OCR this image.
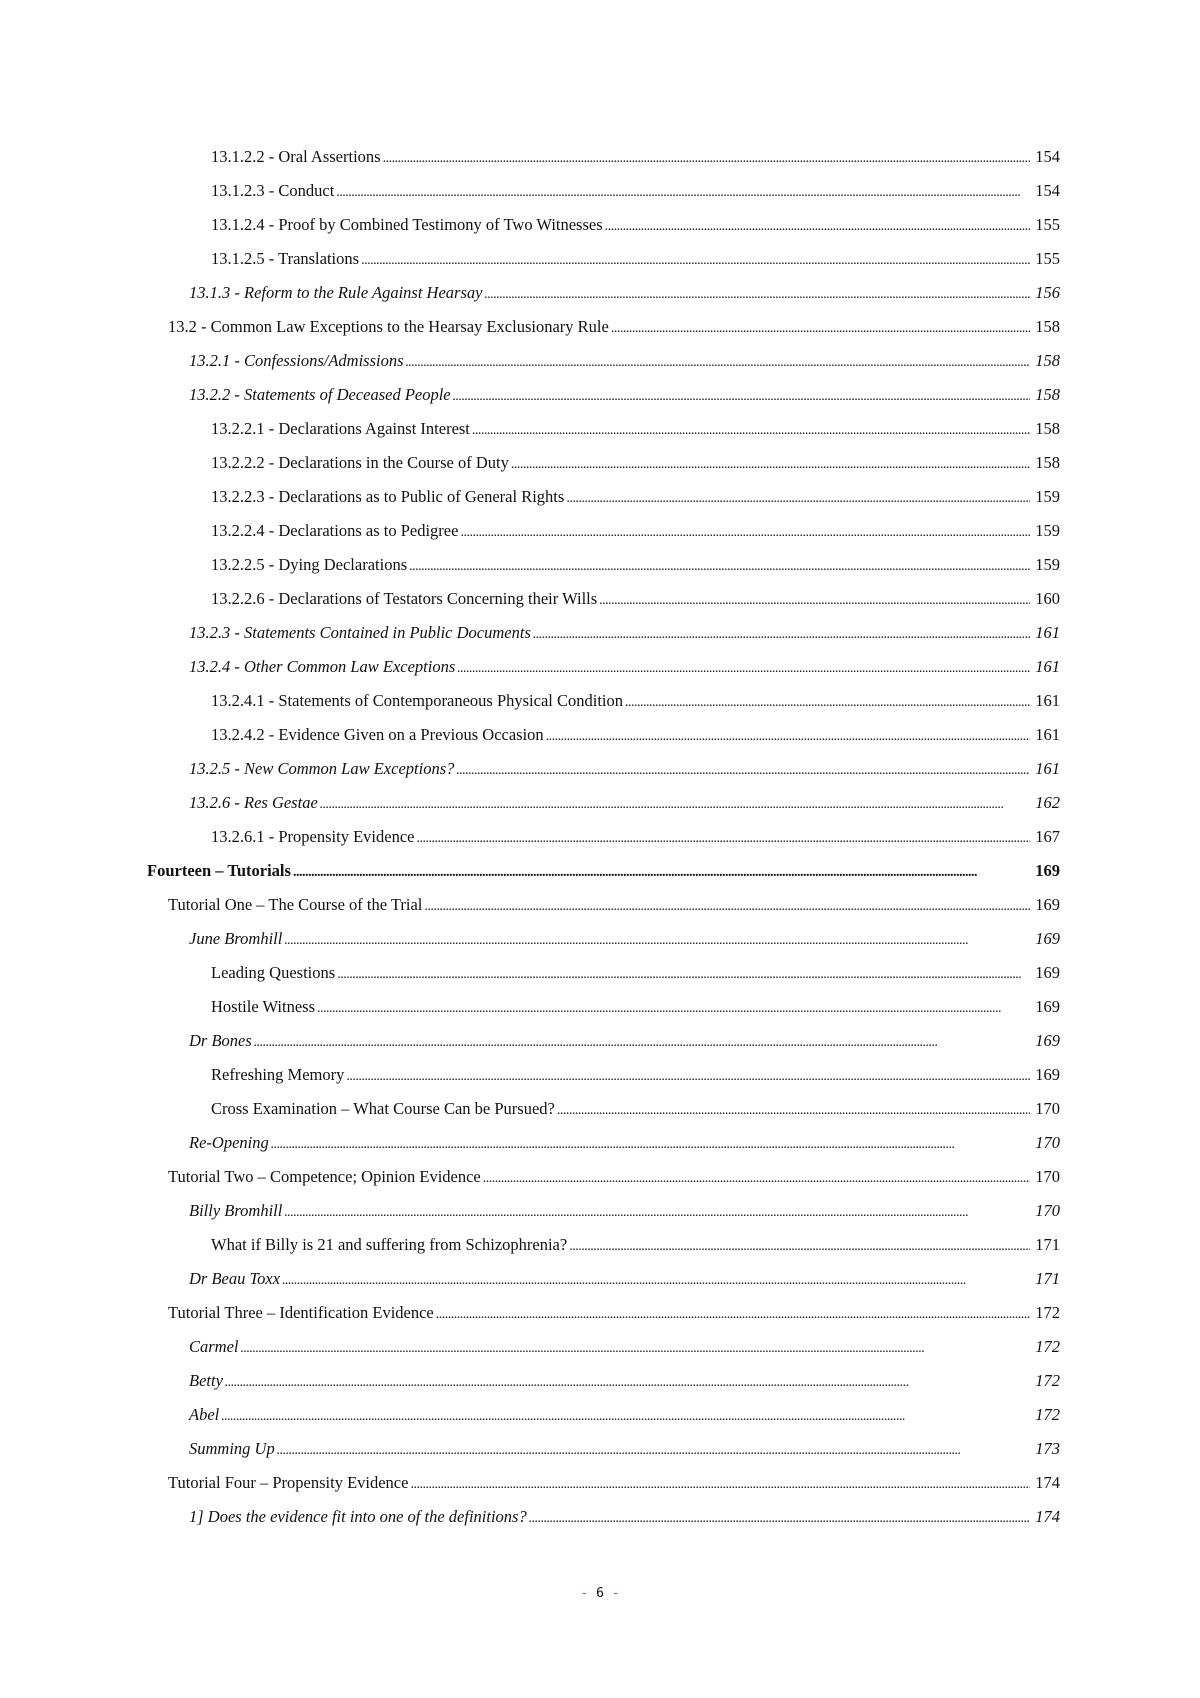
13.1.2.2 - Oral Assertions . . .	154
13.1.2.3 - Conduct . . .	154
13.1.2.4 - Proof by Combined Testimony of Two Witnesses . . .	155
13.1.2.5 - Translations . . .	155
13.1.3 - Reform to the Rule Against Hearsay . . .	156
13.2 - Common Law Exceptions to the Hearsay Exclusionary Rule . . .	158
13.2.1 - Confessions/Admissions . . .	158
13.2.2 - Statements of Deceased People . . .	158
13.2.2.1 - Declarations Against Interest . . .	158
13.2.2.2 - Declarations in the Course of Duty . . .	158
13.2.2.3 - Declarations as to Public of General Rights . . .	159
13.2.2.4 - Declarations as to Pedigree . . .	159
13.2.2.5 - Dying Declarations . . .	159
13.2.2.6 - Declarations of Testators Concerning their Wills . . .	160
13.2.3 - Statements Contained in Public Documents . . .	161
13.2.4 - Other Common Law Exceptions . . .	161
13.2.4.1 - Statements of Contemporaneous Physical Condition . . .	161
13.2.4.2 - Evidence Given on a Previous Occasion . . .	161
13.2.5 - New Common Law Exceptions? . . .	161
13.2.6 - Res Gestae . . .	162
13.2.6.1 - Propensity Evidence . . .	167
Fourteen – Tutorials . . .	169
Tutorial One – The Course of the Trial . . .	169
June Bromhill . . .	169
Leading Questions . . .	169
Hostile Witness . . .	169
Dr Bones . . .	169
Refreshing Memory . . .	169
Cross Examination – What Course Can be Pursued? . . .	170
Re-Opening . . .	170
Tutorial Two – Competence; Opinion Evidence . . .	170
Billy Bromhill . . .	170
What if Billy is 21 and suffering from Schizophrenia? . . .	171
Dr Beau Toxx . . .	171
Tutorial Three – Identification Evidence . . .	172
Carmel . . .	172
Betty . . .	172
Abel . . .	172
Summing Up . . .	173
Tutorial Four – Propensity Evidence . . .	174
1] Does the evidence fit into one of the definitions? . . .	174
- 6 -
